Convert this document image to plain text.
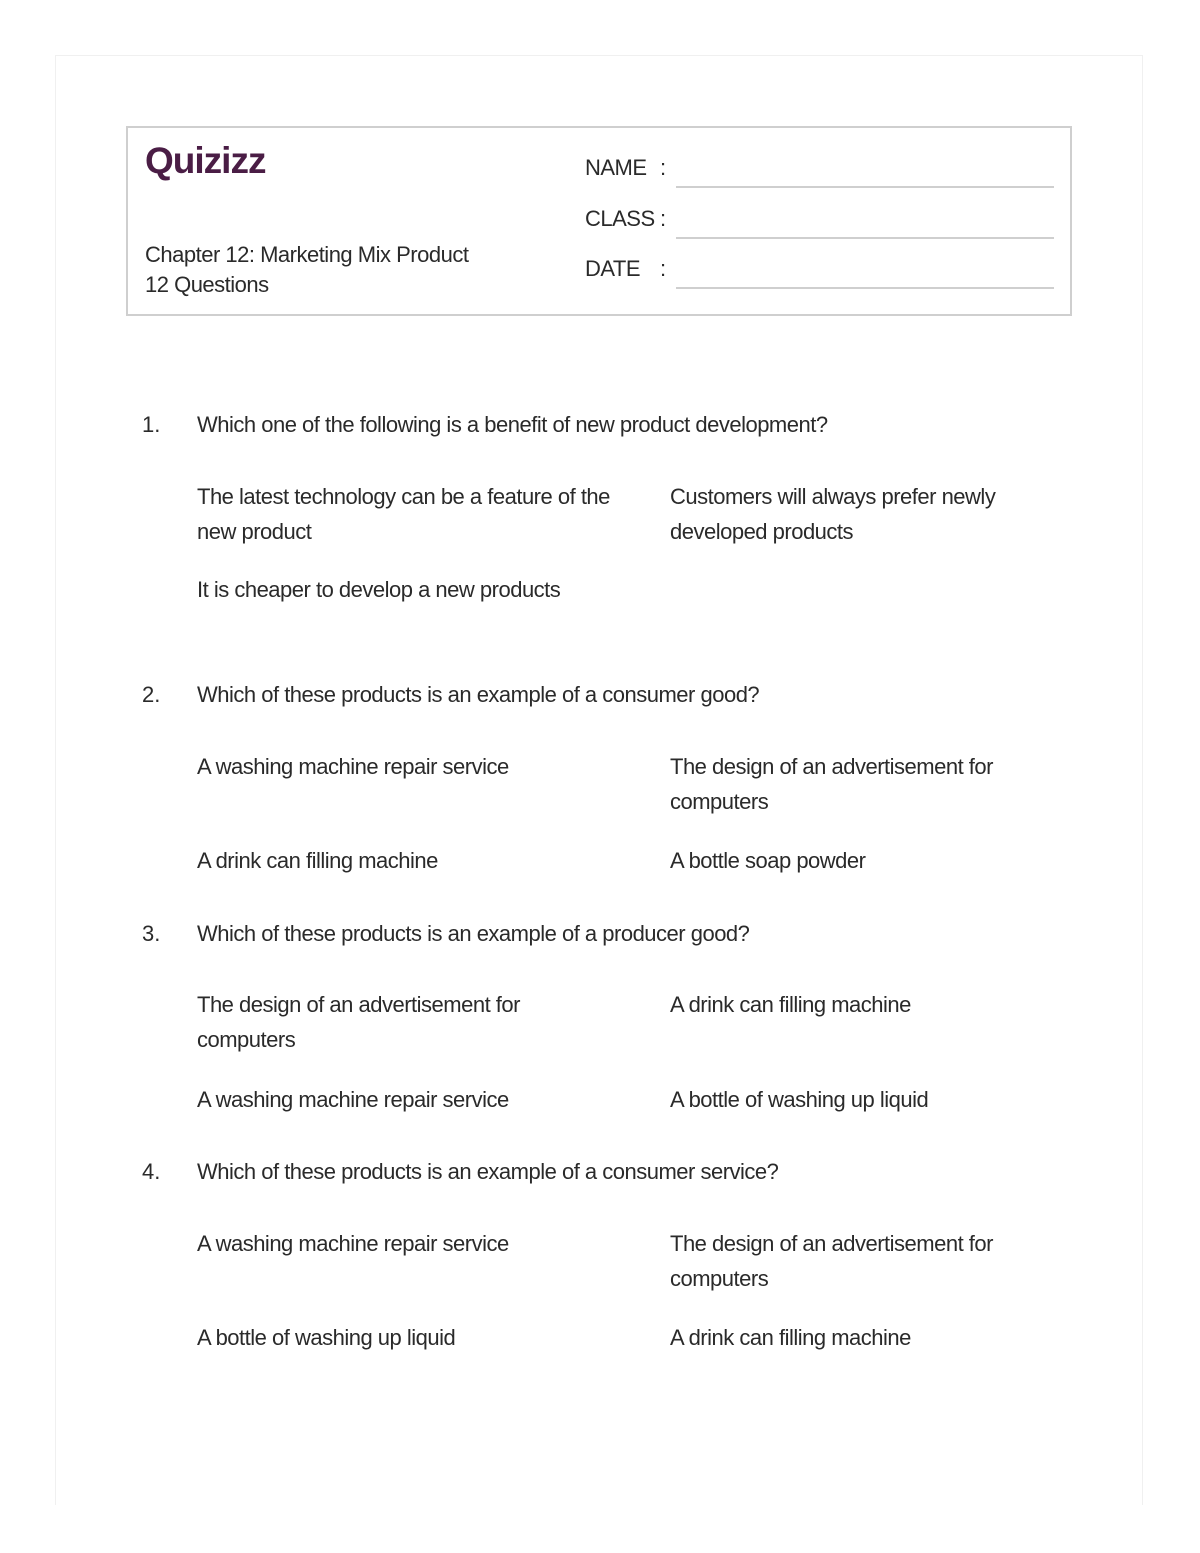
Quizizz
Chapter 12: Marketing Mix Product
12 Questions
NAME :
CLASS :
DATE :
1. Which one of the following is a benefit of new product development?
The latest technology can be a feature of the new product
Customers will always prefer newly developed products
It is cheaper to develop a new products
2. Which of these products is an example of a consumer good?
A washing machine repair service	The design of an advertisement for computers
A drink can filling machine	A bottle soap powder
3. Which of these products is an example of a producer good?
The design of an advertisement for computers
A drink can filling machine
A washing machine repair service	A bottle of washing up liquid
4. Which of these products is an example of a consumer service?
A washing machine repair service	The design of an advertisement for computers
A bottle of washing up liquid	A drink can filling machine
